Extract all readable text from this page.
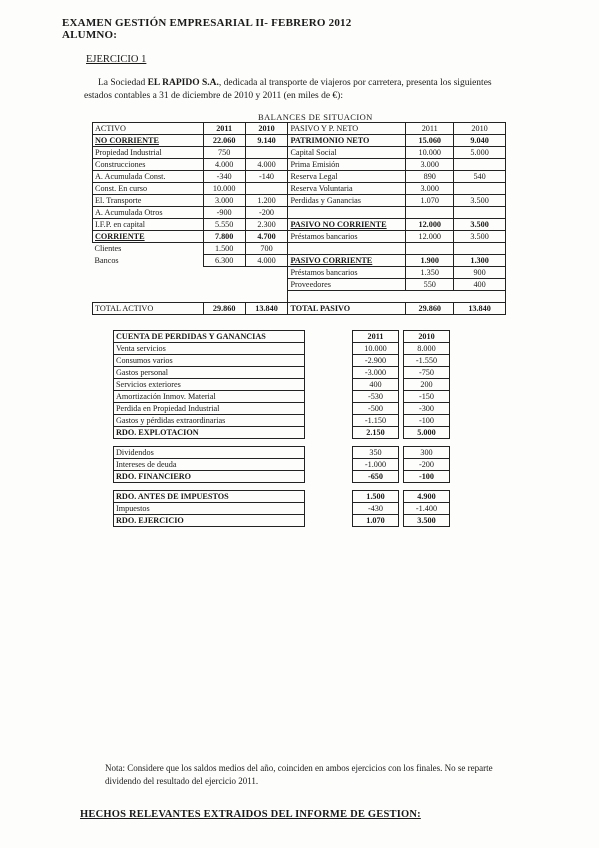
EXAMEN GESTIÓN EMPRESARIAL II- FEBRERO 2012
ALUMNO:
EJERCICIO 1
La Sociedad EL RAPIDO S.A., dedicada al transporte de viajeros por carretera, presenta los siguientes estados contables a 31 de diciembre de 2010 y 2011 (en miles de €):
BALANCES DE SITUACION
ACTIVO	2011	2010	PASIVO Y P. NETO	2011	2010
NO CORRIENTE	22.060	9.140	PATRIMONIO NETO	15.060	9.040
Propiedad Industrial	750		Capital Social	10.000	5.000
Construcciones	4.000	4.000	Prima Emisión	3.000	
A. Acumulada Const.	-340	-140	Reserva Legal	890	540
Const. En curso	10.000		Reserva Voluntaria	3.000	
El. Transporte	3.000	1.200	Perdidas y Ganancias	1.070	3.500
A. Acumulada Otros	-900	-200			
I.F.P. en capital	5.550	2.300	PASIVO NO CORRIENTE	12.000	3.500
CORRIENTE	7.800	4.700	Préstamos bancarios	12.000	3.500
Clientes	1.500	700			
Bancos	6.300	4.000	PASIVO CORRIENTE	1.900	1.300
			Préstamos bancarios	1.350	900
			Proveedores	550	400

TOTAL ACTIVO	29.860	13.840	TOTAL PASIVO	29.860	13.840
CUENTA DE PERDIDAS Y GANANCIAS		2011		2010
Venta servicios		10.000		8.000
Consumos varios		-2.900		-1.550
Gastos personal		-3.000		-750
Servicios exteriores		400		200
Amortización Inmov. Material		-530		-150
Perdida en Propiedad Industrial		-500		-300
Gastos y pérdidas extraordinarias		-1.150		-100
RDO. EXPLOTACION		2.150		5.000

Dividendos		350		300
Intereses de deuda		-1.000		-200
RDO. FINANCIERO		-650		-100

RDO. ANTES DE IMPUESTOS		1.500		4.900
Impuestos		-430		-1.400
RDO. EJERCICIO		1.070		3.500
Nota: Considere que los saldos medios del año, coinciden en ambos ejercicios con los finales. No se reparte dividendo del resultado del ejercicio 2011.
HECHOS RELEVANTES EXTRAIDOS DEL INFORME DE GESTION:
